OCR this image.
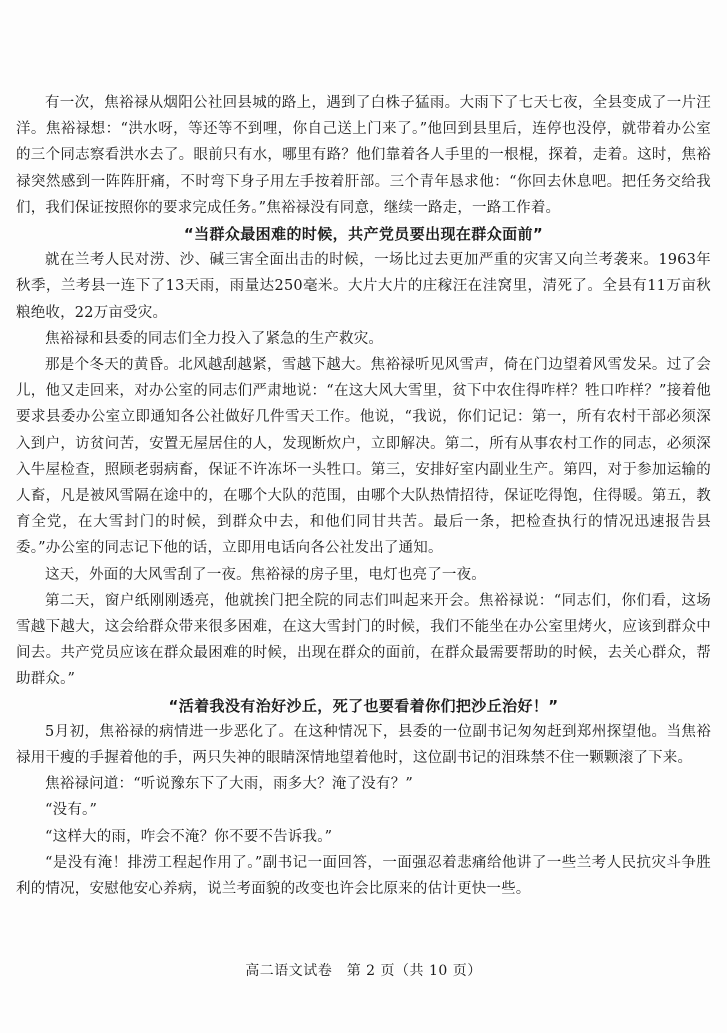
有一次，焦裕禄从烟阳公社回县城的路上，遇到了白株子猛雨。大雨下了七天七夜，全县变成了一片汪洋。焦裕禄想：“洪水呀，等还等不到哩，你自己送上门来了。”他回到县里后，连停也没停，就带着办公室的三个同志察看洪水去了。眼前只有水，哪里有路？他们靠着各人手里的一根棍，探着，走着。这时，焦裕禄突然感到一阵阵肝痛，不时弯下身子用左手按着肝部。三个青年恳求他：“你回去休息吧。把任务交给我们，我们保证按照你的要求完成任务。”焦裕禄没有同意，继续一路走，一路工作着。

“当群众最困难的时候，共产党员要出现在群众面前”

就在兰考人民对涝、沙、碱三害全面出击的时候，一场比过去更加严重的灾害又向兰考袭来。1963年秋季，兰考县一连下了13天雨，雨量达250毫米。大片大片的庄稼汪在洼窝里，清死了。全县有11万亩秋粮绝收，22万亩受灾。

焦裕禄和县委的同志们全力投入了紧急的生产救灾。

那是个冬天的黄昏。北风越刮越紧，雪越下越大。焦裕禄听见风雪声，倚在门边望着风雪发呆。过了会儿，他又走回来，对办公室的同志们严肃地说：“在这大风大雪里，贫下中农住得咋样？牲口咋样？”接着他要求县委办公室立即通知各公社做好几件雪天工作。他说，“我说，你们记记：第一，所有农村干部必须深入到户，访贫问苦，安置无屋居住的人，发现断炊户，立即解决。第二，所有从事农村工作的同志，必须深入牛屋检查，照顾老弱病畜，保证不许冻坏一头牲口。第三，安排好室内副业生产。第四，对于参加运输的人畜，凡是被风雪隔在途中的，在哪个大队的范围，由哪个大队热情招待，保证吃得饱，住得暖。第五，教育全党，在大雪封门的时候，到群众中去，和他们同甘共苦。最后一条，把检查执行的情况迅速报告县委。”办公室的同志记下他的话，立即用电话向各公社发出了通知。

这天，外面的大风雪刮了一夜。焦裕禄的房子里，电灯也亮了一夜。

第二天，窗户纸刚刚透亮，他就挨门把全院的同志们叫起来开会。焦裕禄说：“同志们，你们看，这场雪越下越大，这会给群众带来很多困难，在这大雪封门的时候，我们不能坐在办公室里烤火，应该到群众中间去。共产党员应该在群众最困难的时候，出现在群众的面前，在群众最需要帮助的时候，去关心群众，帮助群众。”

“活着我没有治好沙丘，死了也要看着你们把沙丘治好！”

5月初，焦裕禄的病情进一步恶化了。在这种情况下，县委的一位副书记匆匆赶到郑州探望他。当焦裕禄用干瘦的手握着他的手，两只失神的眼睛深情地望着他时，这位副书记的泪珠禁不住一颗颗滚了下来。

焦裕禄问道：“听说豫东下了大雨，雨多大？淹了没有？”

“没有。”

“这样大的雨，咋会不淹？你不要不告诉我。”

“是没有淹！排涝工程起作用了。”副书记一面回答，一面强忍着悲痛给他讲了一些兰考人民抗灾斗争胜利的情况，安慰他安心养病，说兰考面貌的改变也许会比原来的估计更快一些。

高二语文试卷　第 2 页（共 10 页）
